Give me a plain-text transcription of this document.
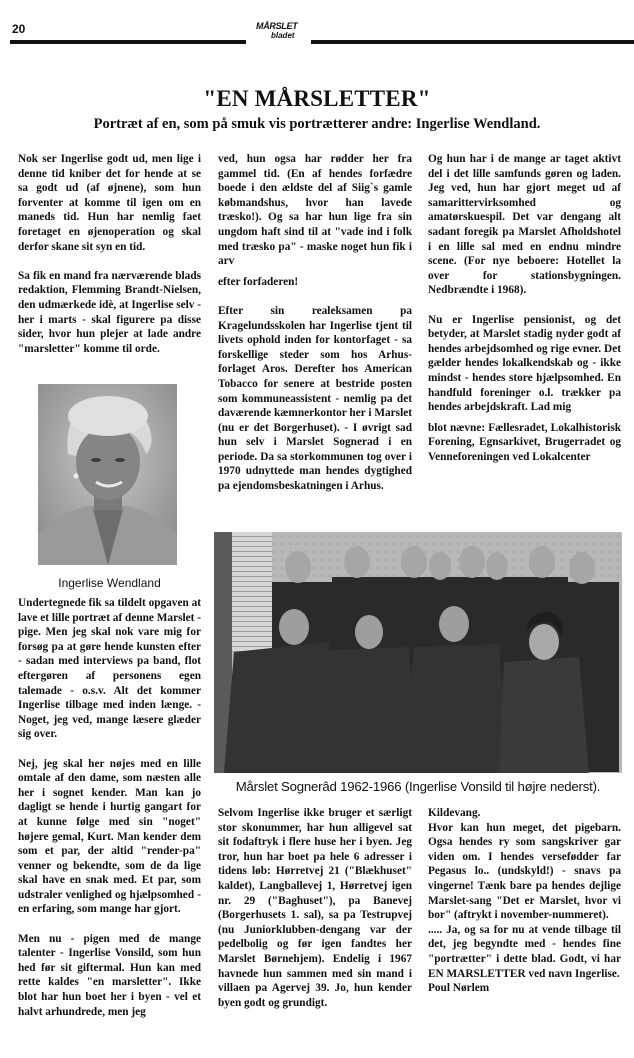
20	MÅRSLET
bladet
"EN MÅRSLETTER"
Portræt af en, som på smuk vis portrætterer andre: Ingerlise Wendland.

Nok ser Ingerlise godt ud, men lige i denne tid kniber det for hende at se sa godt ud (af øjnene), som hun forventer at komme til igen om en maneds tid. Hun har nemlig faet foretaget en øjenoperation og skal derfor skane sit syn en tid.

Sa fik en mand fra nærværende blads redaktion, Flemming Brandt-Nielsen, den udmærkede idè, at Ingerlise selv - her i marts - skal figurere pa disse sider, hvor hun plejer at lade andre "marsletter" komme til orde.

Ingerlise Wendland

Undertegnede fik sa tildelt opgaven at lave et lille portræt af denne Marslet - pige. Men jeg skal nok vare mig for forsøg pa at gøre hende kunsten efter - sadan med interviews pa band, flot eftergøren af personens egen talemade - o.s.v. Alt det kommer Ingerlise tilbage med inden længe. - Noget, jeg ved, mange læsere glæder sig over.

Nej, jeg skal her nøjes med en lille omtale af den dame, som næsten alle her i sognet kender. Man kan jo dagligt se hende i hurtig gangart for at kunne følge med sin "noget" højere gemal, Kurt. Man kender dem som et par, der altid "render-pa" venner og bekendte, som de da lige skal have en snak med. Et par, som udstraler venlighed og hjælpsomhed - en erfaring, som mange har gjort.

Men nu - pigen med de mange talenter - Ingerlise Vonsild, som hun hed før sit giftermal. Hun kan med rette kaldes "en marsletter". Ikke blot har hun boet her i byen - vel et halvt arhundrede, men jeg

ved, hun ogsa har rødder her fra gammel tid. (En af hendes forfædre boede i den ældste del af Siig`s gamle købmandshus, hvor han lavede træsko!). Og sa har hun lige fra sin ungdom haft sind til at "vade ind i folk med træsko pa" - maske noget hun fik i arv

efter forfaderen!

Efter sin realeksamen pa Kragelundsskolen har Ingerlise tjent til livets ophold inden for kontorfaget - sa forskellige steder som hos Arhus-forlaget Aros. Derefter hos American Tobacco for senere at bestride posten som kommuneassistent - nemlig pa det daværende kæmnerkontor her i Marslet (nu er det Borgerhuset). - I øvrigt sad hun selv i Marslet Sognerad i en periode. Da sa storkommunen tog over i 1970 udnyttede man hendes dygtighed pa ejendomsbeskatningen i Arhus.

Og hun har i de mange ar taget aktivt del i det lille samfunds gøren og laden. Jeg ved, hun har gjort meget ud af samaritter​virksomhed og amatørskuespil. Det var dengang alt sadant foregik pa Marslet Afholdshotel i en lille sal med en endnu mindre scene. (For nye beboere: Hotellet la over for stationsbygningen. Nedbrændte i 1968).

Nu er Ingerlise pensionist, og det betyder, at Marslet stadig nyder godt af hendes arbejdsomhed og rige evner. Det gælder hendes lokalkendskab og - ikke mindst - hendes store hjælpsomhed. En handfuld foreninger o.l. trækker pa hendes arbejdskraft. Lad mig

blot nævne: Fællesradet, Lokalhistorisk Forening, Egnsarkivet, Brugerradet og Venneforeningen ved Lokalcenter

Mårslet Sognerâd 1962-1966 (Ingerlise Vonsild til højre nederst).

Selvom Ingerlise ikke bruger et særligt stor skonummer, har hun alligevel sat sit fodaftryk i flere huse her i byen. Jeg tror, hun har boet pa hele 6 adresser i tidens løb: Hørretvej 21 ("Blækhuset" kaldet), Langballevej 1, Hørretvej igen nr. 29 ("Baghuset"), pa Banevej (Borgerhusets 1. sal), sa pa Testrupvej (nu Juniorklubben-dengang var der pedelbolig og før igen fandtes her Marslet Børnehjem). Endelig i 1967 havnede hun sammen med sin mand i villaen pa Agervej 39. Jo, hun kender byen godt og grundigt.

Kildevang.

Hvor kan hun meget, det pigebarn. Ogsa hendes ry som sangskriver gar viden om. I hendes versefødder far Pegasus lo.. (undskyld!) - snavs pa vingerne! Tænk bare pa hendes dejlige Marslet-sang "Det er Marslet, hvor vi bor" (aftrykt i november-nummeret).

..... Ja, og sa for nu at vende tilbage til det, jeg begyndte med - hendes fine "portrætter" i dette blad. Godt, vi har EN MARSLETTER ved navn Ingerlise.

Poul Nørlem
